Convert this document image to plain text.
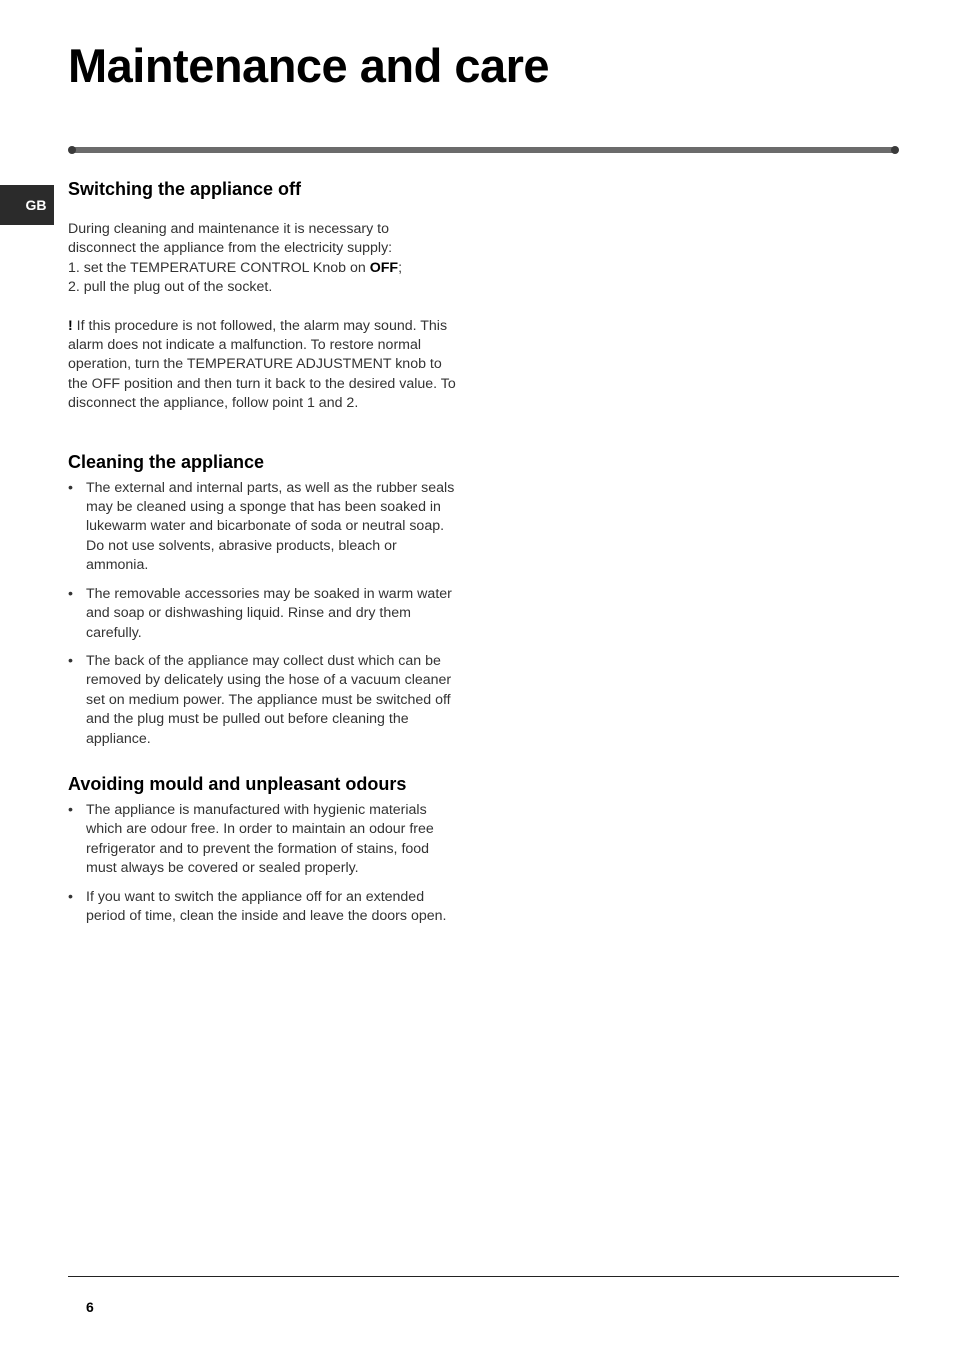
Maintenance and care
GB
Switching the appliance off

During cleaning and maintenance it is necessary to
disconnect the appliance from the electricity supply:
1. set the TEMPERATURE CONTROL Knob on OFF;
2. pull the plug out of the socket.

! If this procedure is not followed, the alarm may sound. This alarm does not indicate a malfunction. To restore normal operation, turn the TEMPERATURE ADJUSTMENT knob to the OFF position and then turn it back to the desired value. To disconnect the appliance, follow point 1 and 2.

Cleaning the appliance
• The external and internal parts, as well as the rubber seals may be cleaned using a sponge that has been soaked in lukewarm water and bicarbonate of soda or neutral soap. Do not use solvents, abrasive products, bleach or ammonia.
• The removable accessories may be soaked in warm water and soap or dishwashing liquid. Rinse and dry them carefully.
• The back of the appliance may collect dust which can be removed by delicately using the hose of a vacuum cleaner set on medium power. The appliance must be switched off and the plug must be pulled out before cleaning the appliance.
Avoiding mould and unpleasant odours
• The appliance is manufactured with hygienic materials which are odour free. In order to maintain an odour free refrigerator and to prevent the formation of stains, food must always be covered or sealed properly.
• If you want to switch the appliance off for an extended period of time, clean the inside and leave the doors open.
6
